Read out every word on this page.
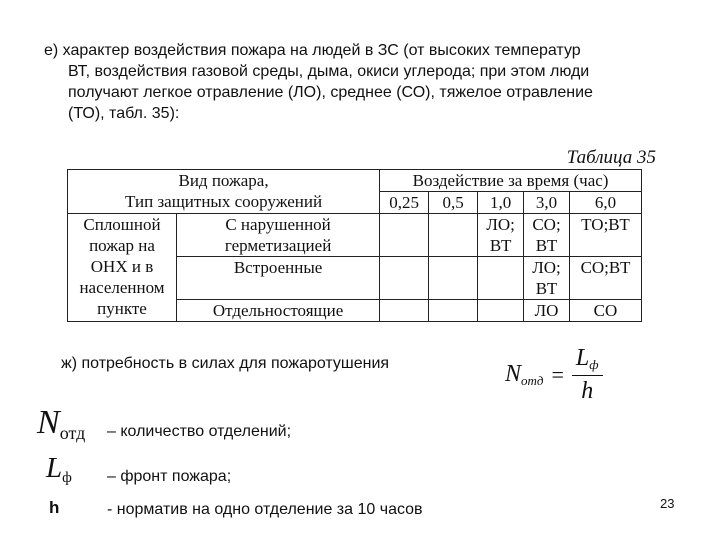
е) характер воздействия пожара на людей в ЗС (от высоких температур
ВТ, воздействия газовой среды, дыма, окиси углерода; при этом люди
получают легкое отравление (ЛО), среднее (СО), тяжелое отравление
(ТО), табл. 35):
Таблица 35
Вид пожара,
Тип защитных сооружений		Воздействие за время (час)				
		0,25	0,5	1,0	3,0	6,0
Сплошной
пожар на
ОНХ и в
населенном
пункте	С нарушенной
герметизацией			ЛО;
ВТ	СО;
ВТ	ТО;ВТ
	Встроенные				ЛО;
ВТ	СО;ВТ
	Отдельностоящие				ЛО	СО
ж) потребность в силах для пожаротушения	$N_{отд} = \frac{L_ф}{h}$
$N_{отд}$ – количество отделений;
$L_ф$ – фронт пожара;
h	- норматив на одно отделение за 10 часов	23
